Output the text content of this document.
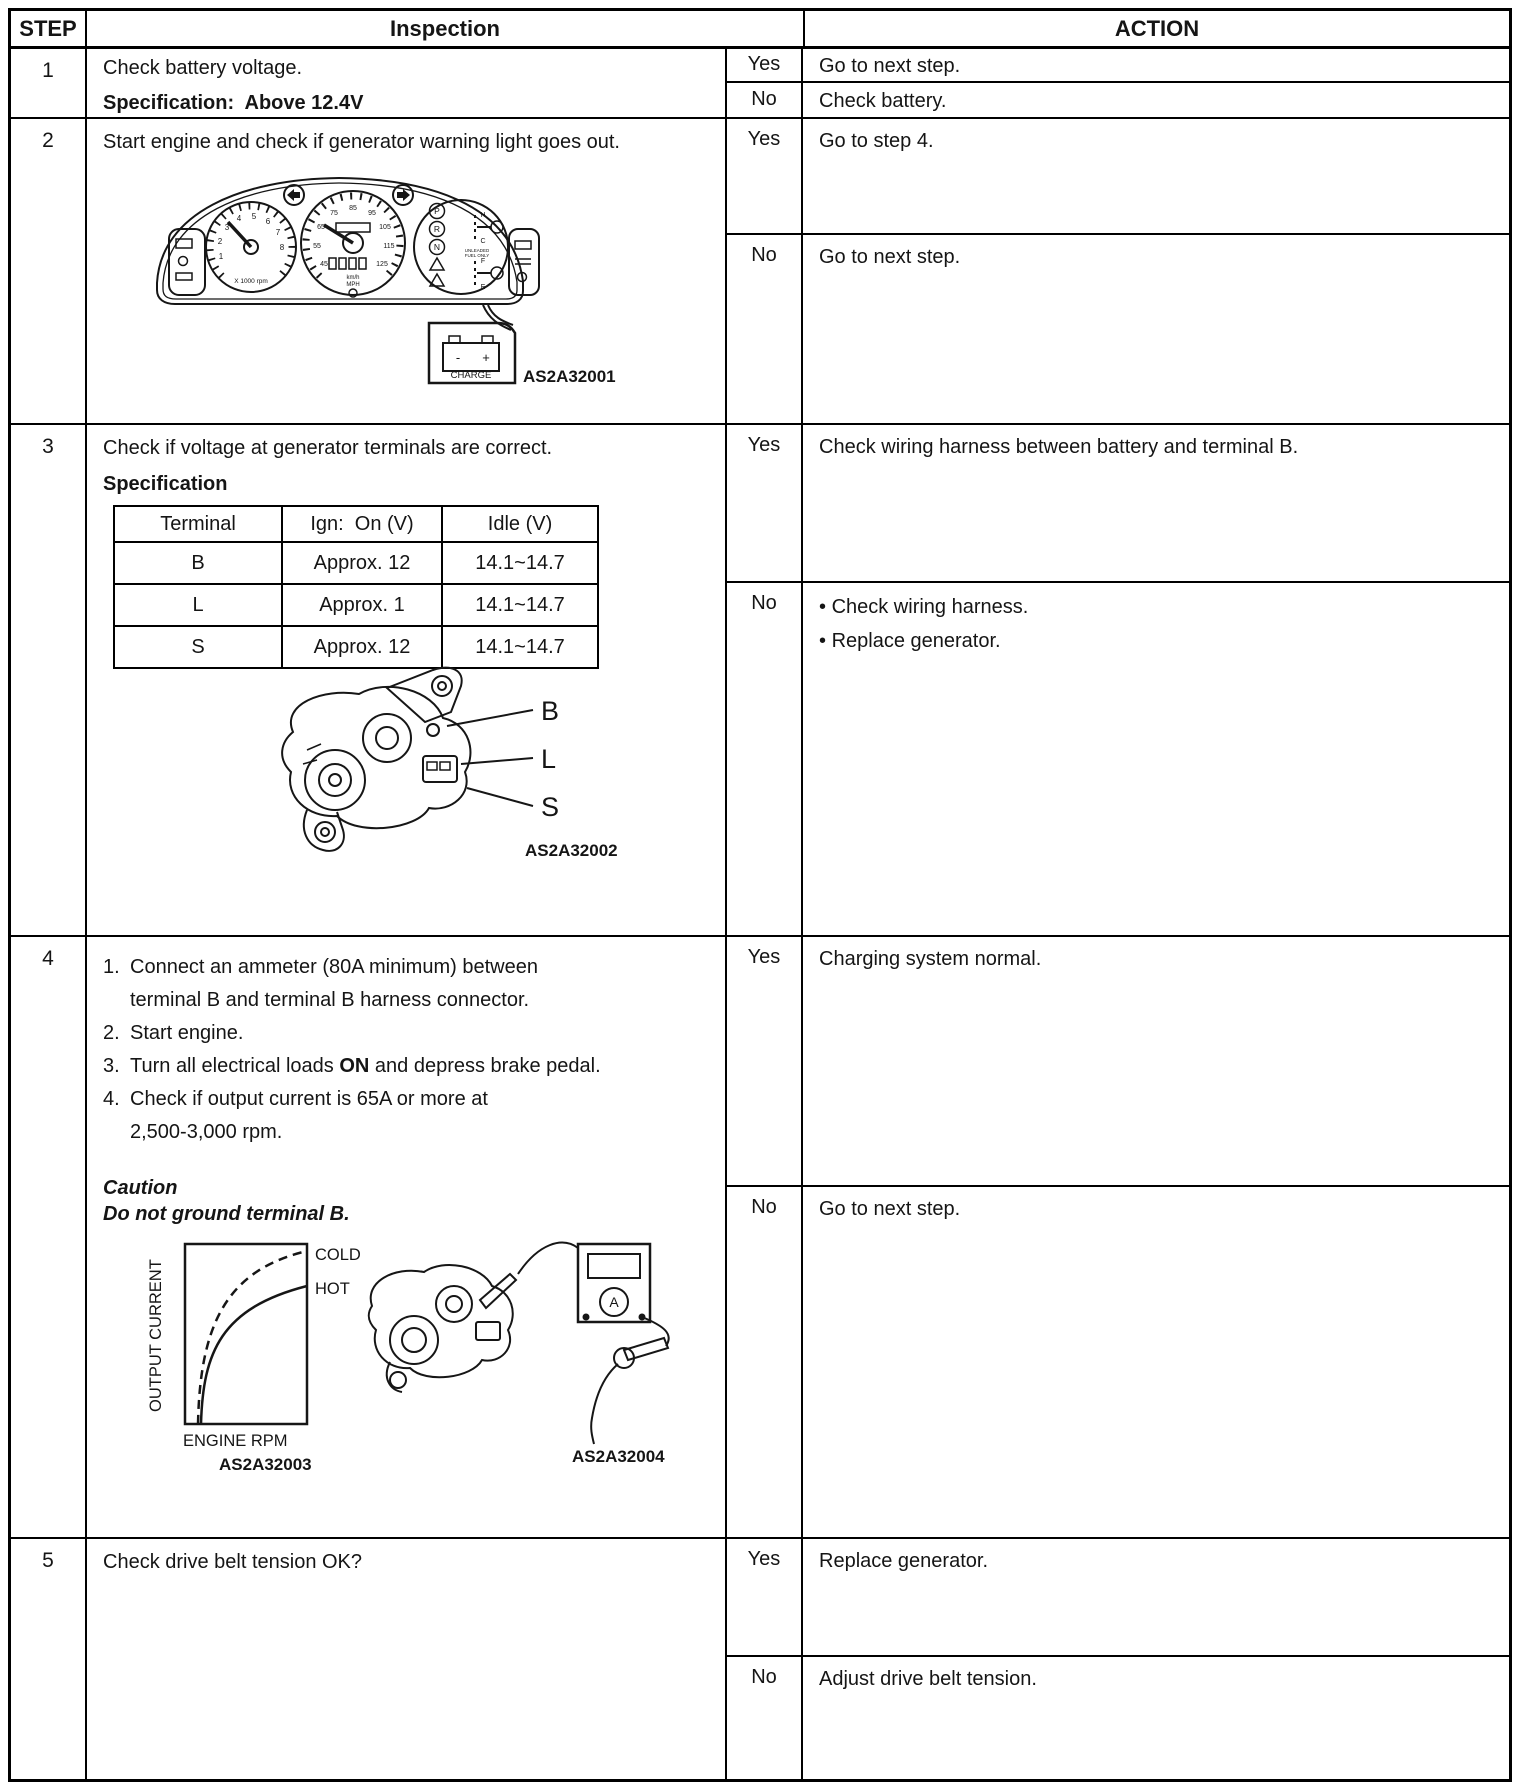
STEP	Inspection	ACTION
1	Check battery voltage.
Specification:  Above 12.4V
Yes	Go to next step.
No	Check battery.
2	Start engine and check if generator warning light goes out.
1
2
3
4 5
6
7
8
X 1000 rpm
45
55
65
75
85
95
105
115
125
km/h
MPH
P
R
N
H
C
F
E
UNLEADED
FUEL ONLY
- +
CHARGE AS2A32001
Yes	Go to step 4.
No	Go to next step.
3	Check if voltage at generator terminals are correct.
Specification
Terminal	Ign:  On (V)	Idle (V)
B	Approx. 12	14.1~14.7
L	Approx. 1	14.1~14.7
S	Approx. 12	14.1~14.7
B
L
S
AS2A32002
Yes	Check wiring harness between battery and terminal B.
No	• Check wiring harness.
• Replace generator.
4	1. Connect an ammeter (80A minimum) between
terminal B and terminal B harness connector.
2. Start engine.
3. Turn all electrical loads ON and depress brake pedal.
4. Check if output current is 65A or more at
2,500-3,000 rpm.
Caution
Do not ground terminal B.
OUTPUT CURRENT
ENGINE RPM
COLD
HOT
AS2A32003
A
AS2A32004
Yes	Charging system normal.
No	Go to next step.
5	Check drive belt tension OK?	Yes	Replace generator.
No	Adjust drive belt tension.
